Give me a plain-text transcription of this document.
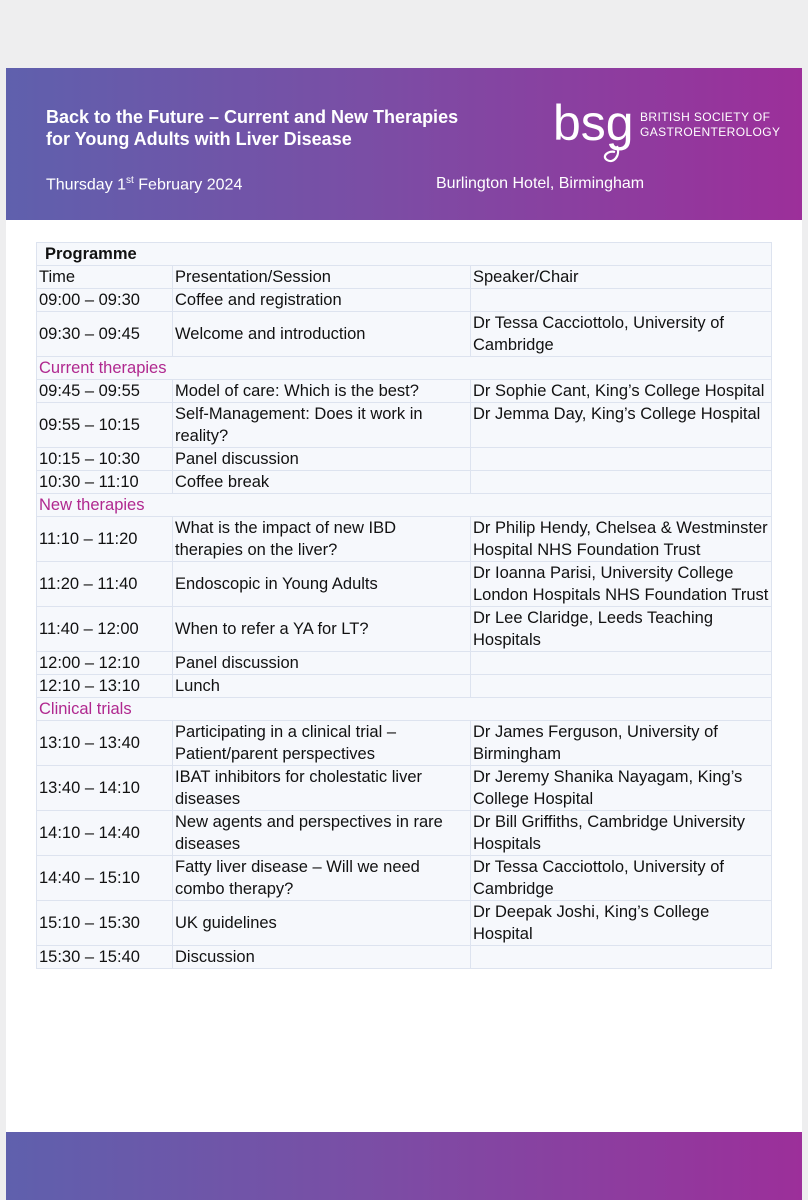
Back to the Future – Current and New Therapies
for Young Adults with Liver Disease
Thursday 1st February 2024	Burlington Hotel, Birmingham
bsg BRITISH SOCIETY OF
GASTROENTEROLOGY
Programme		
Time	Presentation/Session	Speaker/Chair
09:00 – 09:30	Coffee and registration	
09:30 – 09:45	Welcome and introduction	Dr Tessa Cacciottolo, University of Cambridge
Current therapies		
09:45 – 09:55	Model of care: Which is the best?	Dr Sophie Cant, King’s College Hospital
09:55 – 10:15	Self-Management: Does it work in reality?	Dr Jemma Day, King’s College Hospital
10:15 – 10:30	Panel discussion	
10:30 – 11:10	Coffee break	
New therapies		
11:10 – 11:20	What is the impact of new IBD therapies on the liver?	Dr Philip Hendy, Chelsea & Westminster Hospital NHS Foundation Trust
11:20 – 11:40	Endoscopic in Young Adults	Dr Ioanna Parisi, University College London Hospitals NHS Foundation Trust
11:40 – 12:00	When to refer a YA for LT?	Dr Lee Claridge, Leeds Teaching Hospitals
12:00 – 12:10	Panel discussion	
12:10 – 13:10	Lunch	
Clinical trials		
13:10 – 13:40	Participating in a clinical trial – Patient/parent perspectives	Dr James Ferguson, University of Birmingham
13:40 – 14:10	IBAT inhibitors for cholestatic liver diseases	Dr Jeremy Shanika Nayagam, King’s College Hospital
14:10 – 14:40	New agents and perspectives in rare diseases	Dr Bill Griffiths, Cambridge University Hospitals
14:40 – 15:10	Fatty liver disease – Will we need combo therapy?	Dr Tessa Cacciottolo, University of Cambridge
15:10 – 15:30	UK guidelines	Dr Deepak Joshi, King’s College Hospital
15:30 – 15:40	Discussion	
